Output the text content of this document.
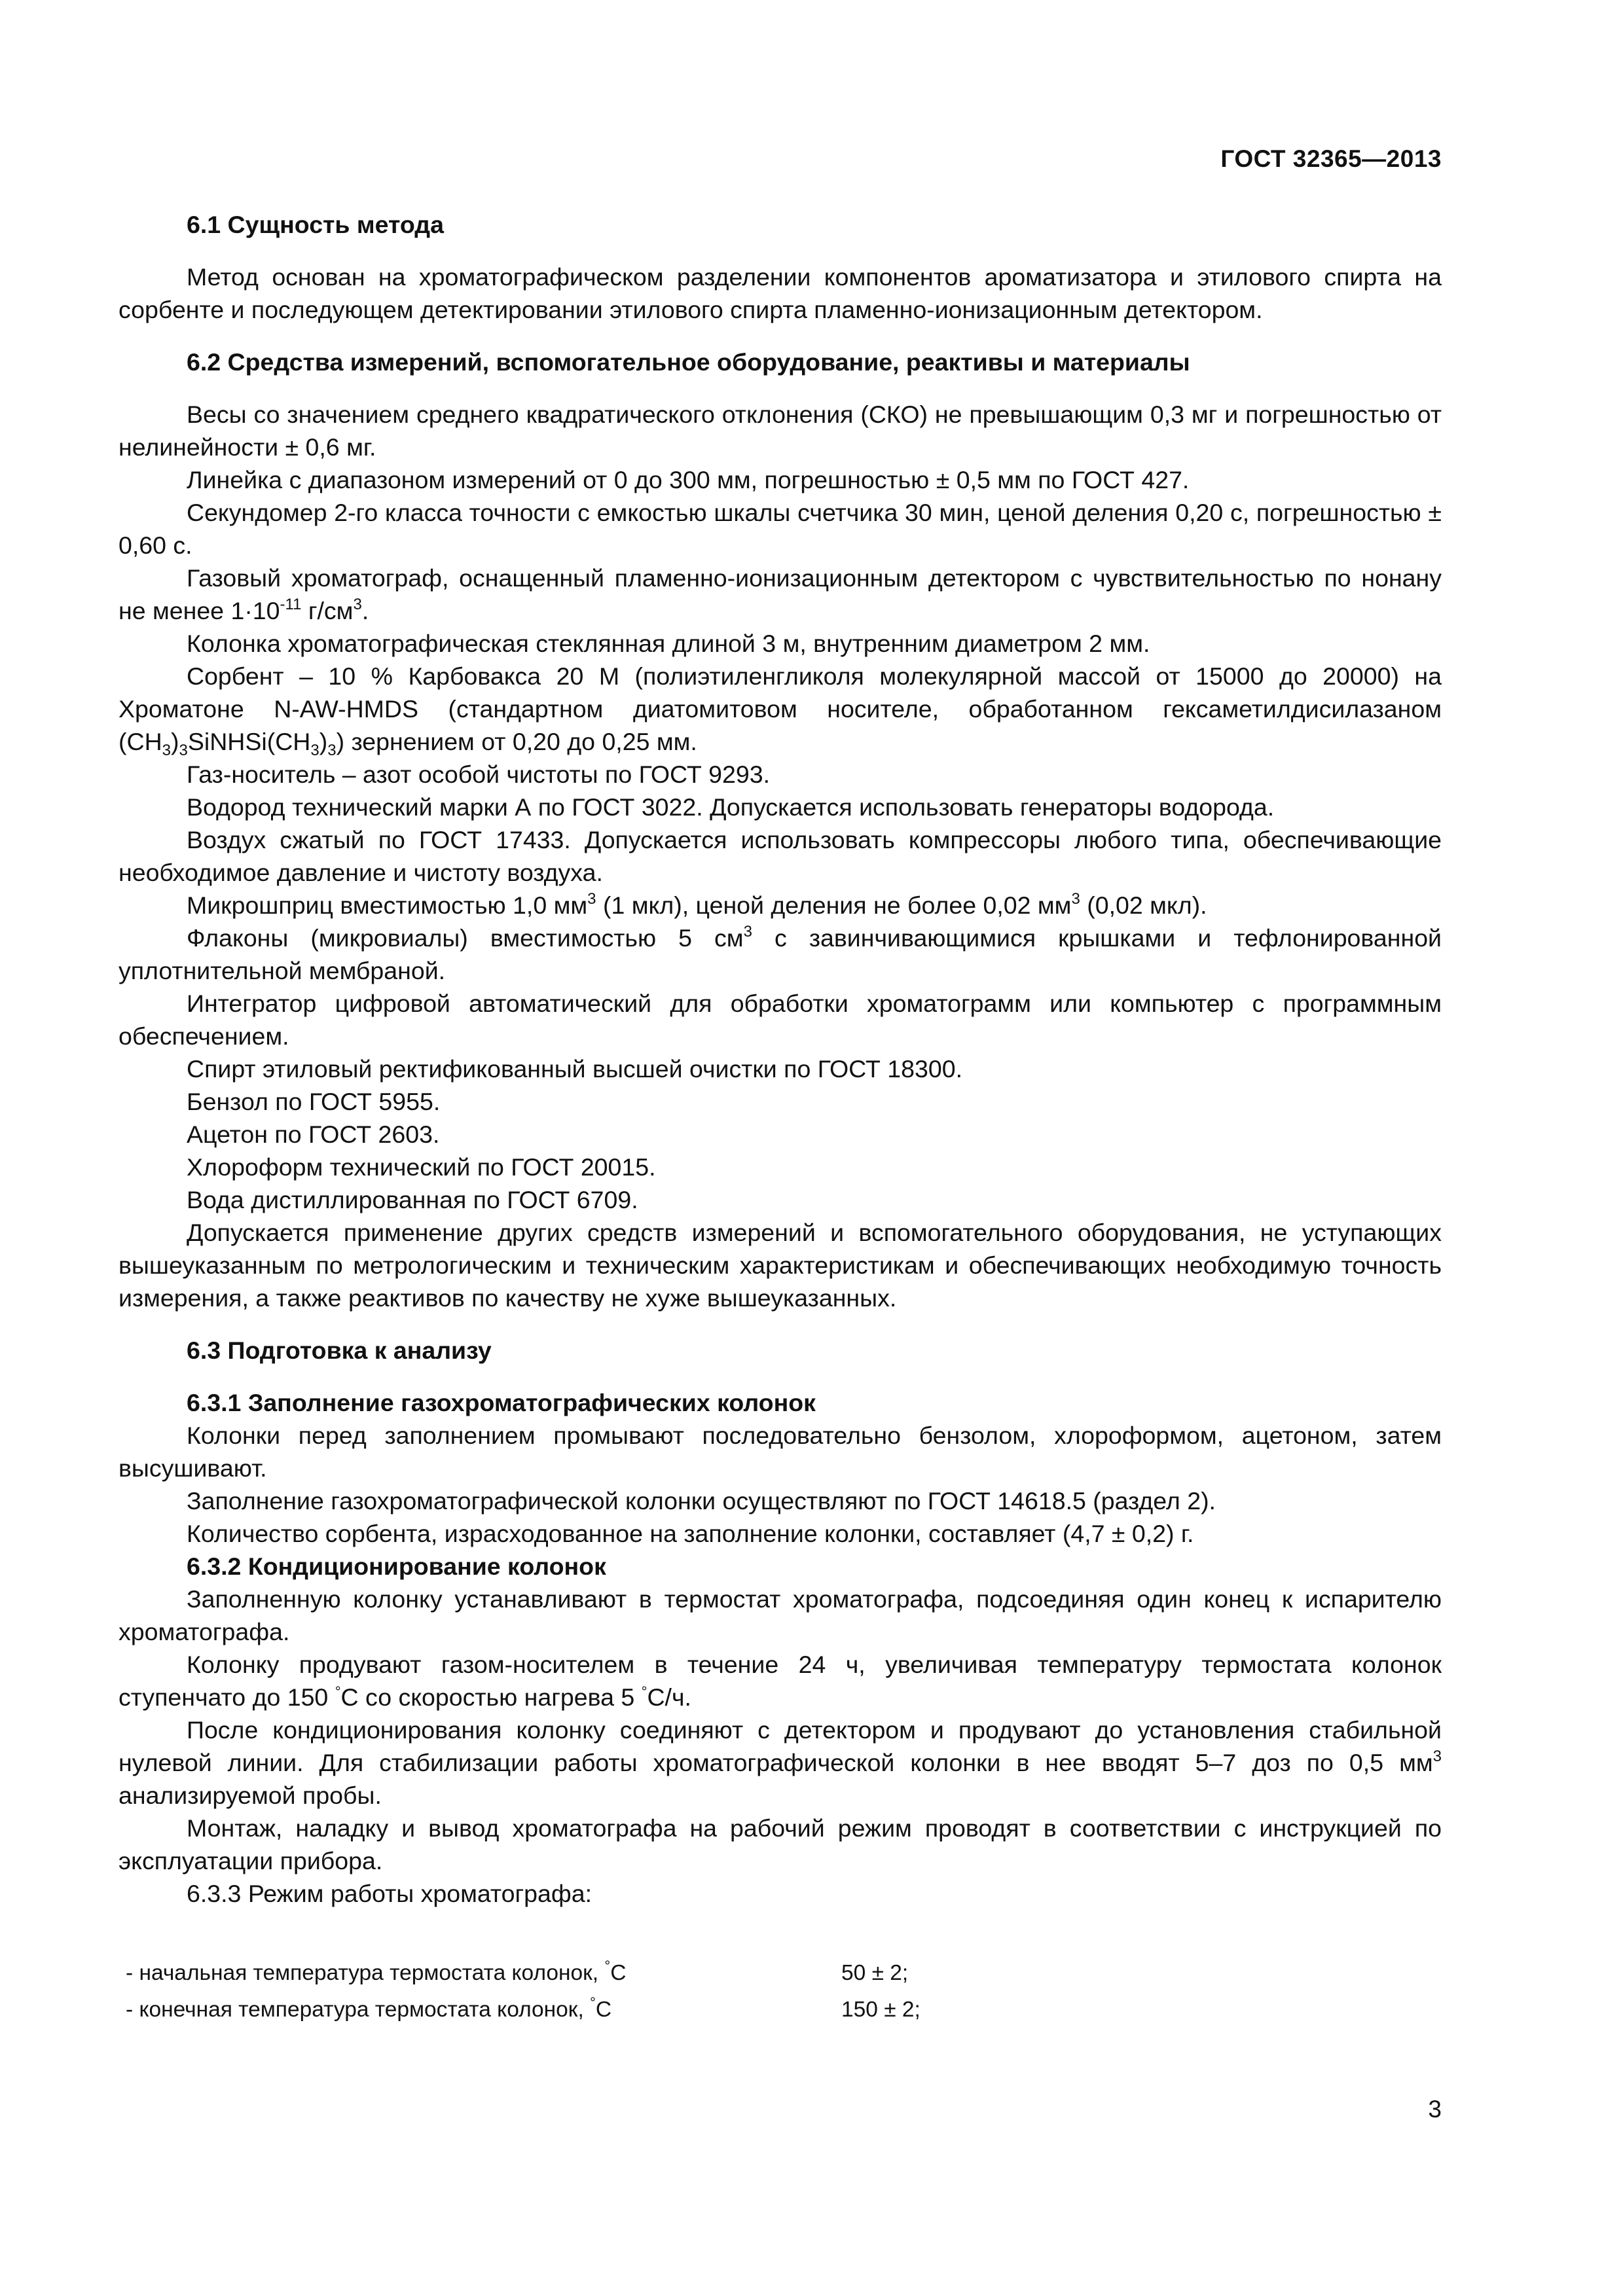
ГОСТ 32365—2013
6.1 Сущность метода

Метод основан на хроматографическом разделении компонентов ароматизатора и этилового спирта на сорбенте и последующем детектировании этилового спирта пламенно-ионизационным детектором.

6.2 Средства измерений, вспомогательное оборудование, реактивы и материалы

Весы со значением среднего квадратического отклонения (СКО) не превышающим 0,3 мг и погрешностью от нелинейности ± 0,6 мг.

Линейка с диапазоном измерений от 0 до 300 мм, погрешностью ± 0,5 мм по ГОСТ 427.

Секундомер 2-го класса точности с емкостью шкалы счетчика 30 мин, ценой деления 0,20 с, погрешностью ± 0,60 с.

Газовый хроматограф, оснащенный пламенно-ионизационным детектором с чувствительностью по нонану не менее $1\cdot 10^{-11}$ $г/см^3$.

Колонка хроматографическая стеклянная длиной 3 м, внутренним диаметром 2 мм.

Сорбент – 10 % Карбовакса 20 М (полиэтиленгликоля молекулярной массой от 15000 до 20000) на Хроматоне N-AW-HMDS (стандартном диатомитовом носителе, обработанном гексаметилдисилазаном $(CH_3)_3SiNHSi(CH_3)_3$) зернением от 0,20 до 0,25 мм.

Газ-носитель – азот особой чистоты по ГОСТ 9293.

Водород технический марки А по ГОСТ 3022. Допускается использовать генераторы водорода.

Воздух сжатый по ГОСТ 17433. Допускается использовать компрессоры любого типа, обеспечивающие необходимое давление и чистоту воздуха.

Микрошприц вместимостью 1,0 $мм^3$ (1 мкл), ценой деления не более 0,02 $мм^3$ (0,02 мкл).

Флаконы (микровиалы) вместимостью 5 $см^3$ с завинчивающимися крышками и тефлонированной уплотнительной мембраной.

Интегратор цифровой автоматический для обработки хроматограмм или компьютер с программным обеспечением.

Спирт этиловый ректификованный высшей очистки по ГОСТ 18300.

Бензол по ГОСТ 5955.

Ацетон по ГОСТ 2603.

Хлороформ технический по ГОСТ 20015.

Вода дистиллированная по ГОСТ 6709.

Допускается применение других средств измерений и вспомогательного оборудования, не уступающих вышеуказанным по метрологическим и техническим характеристикам и обеспечивающих необходимую точность измерения, а также реактивов по качеству не хуже вышеуказанных.

6.3 Подготовка к анализу
6.3.1 Заполнение газохроматографических колонок

Колонки перед заполнением промывают последовательно бензолом, хлороформом, ацетоном, затем высушивают.

Заполнение газохроматографической колонки осуществляют по ГОСТ 14618.5 (раздел 2).

Количество сорбента, израсходованное на заполнение колонки, составляет (4,7 ± 0,2) г.

6.3.2 Кондиционирование колонок

Заполненную колонку устанавливают в термостат хроматографа, подсоединяя один конец к испарителю хроматографа.

Колонку продувают газом-носителем в течение 24 ч, увеличивая температуру термостата колонок ступенчато до 150 °С со скоростью нагрева 5 °С/ч.

После кондиционирования колонку соединяют с детектором и продувают до установления стабильной нулевой линии. Для стабилизации работы хроматографической колонки в нее вводят 5–7 доз по 0,5 $мм^3$ анализируемой пробы.

Монтаж, наладку и вывод хроматографа на рабочий режим проводят в соответствии с инструкцией по эксплуатации прибора.

6.3.3 Режим работы хроматографа:

- начальная температура термостата колонок, °С	50 ± 2;
- конечная температура термостата колонок, °С	150 ± 2;
3
